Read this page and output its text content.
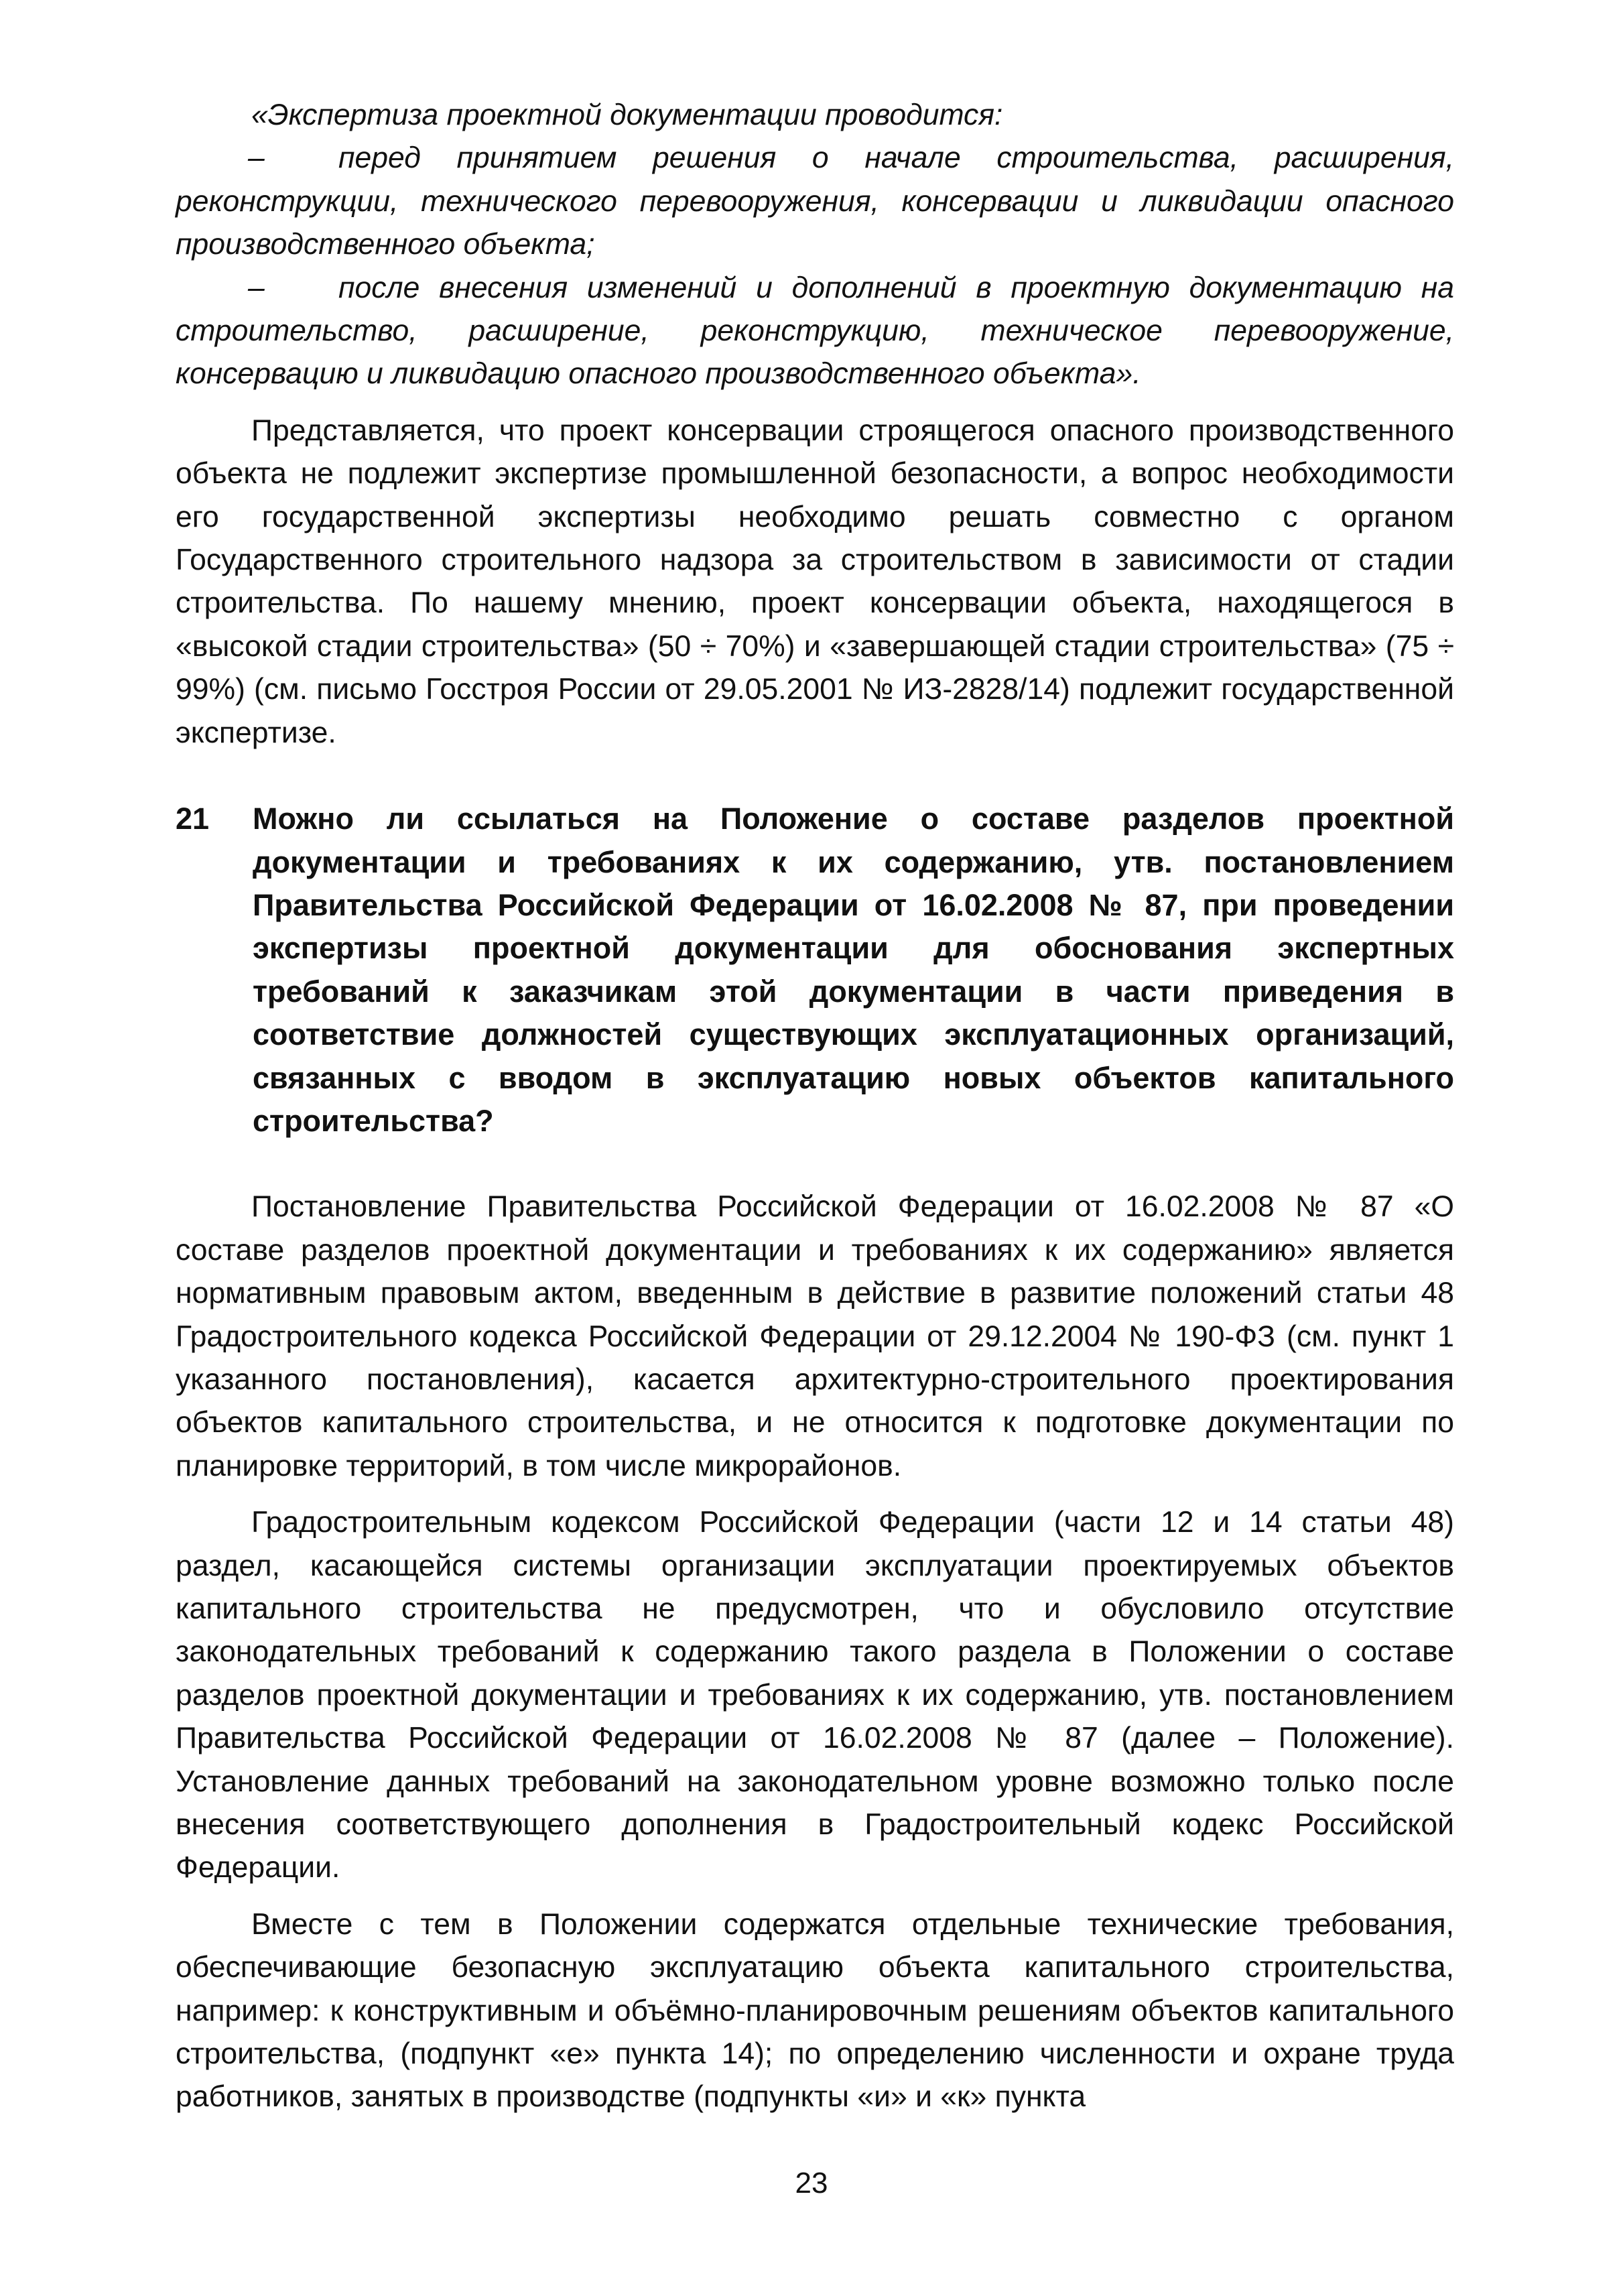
«Экспертиза проектной документации проводится:

– перед принятием решения о начале строительства, расширения, реконструкции, технического перевооружения, консервации и ликвидации опасного производственного объекта;

– после внесения изменений и дополнений в проектную документацию на строительство, расширение, реконструкцию, техническое перевооружение, консервацию и ликвидацию опасного производственного объекта».

Представляется, что проект консервации строящегося опасного производственного объекта не подлежит экспертизе промышленной безопасности, а вопрос необходимости его государственной экспертизы необходимо решать совместно с органом Государственного строительного надзора за строительством в зависимости от стадии строительства. По нашему мнению, проект консервации объекта, находящегося в «высокой стадии строительства» (50 ÷ 70%) и «завершающей стадии строительства» (75 ÷ 99%) (см. письмо Госстроя России от 29.05.2001 № ИЗ-2828/14) подлежит государственной экспертизе.

21 Можно ли ссылаться на Положение о составе разделов проектной документации и требованиях к их содержанию, утв. постановлением Правительства Российской Федерации от 16.02.2008 № 87, при проведении экспертизы проектной документации для обоснования экспертных требований к заказчикам этой документации в части приведения в соответствие должностей существующих эксплуатационных организаций, связанных с вводом в эксплуатацию новых объектов капитального строительства?

Постановление Правительства Российской Федерации от 16.02.2008 № 87 «О составе разделов проектной документации и требованиях к их содержанию» является нормативным правовым актом, введенным в действие в развитие положений статьи 48 Градостроительного кодекса Российской Федерации от 29.12.2004 № 190-ФЗ (см. пункт 1 указанного постановления), касается архитектурно-строительного проектирования объектов капитального строительства, и не относится к подготовке документации по планировке территорий, в том числе микрорайонов.

Градостроительным кодексом Российской Федерации (части 12 и 14 статьи 48) раздел, касающейся системы организации эксплуатации проектируемых объектов капитального строительства не предусмотрен, что и обусловило отсутствие законодательных требований к содержанию такого раздела в Положении о составе разделов проектной документации и требованиях к их содержанию, утв. постановлением Правительства Российской Федерации от 16.02.2008 № 87 (далее – Положение). Установление данных требований на законодательном уровне возможно только после внесения соответствующего дополнения в Градостроительный кодекс Российской Федерации.

Вместе с тем в Положении содержатся отдельные технические требования, обеспечивающие безопасную эксплуатацию объекта капитального строительства, например: к конструктивным и объёмно-планировочным решениям объектов капитального строительства, (подпункт «е» пункта 14); по определению численности и охране труда работников, занятых в производстве (подпункты «и» и «к» пункта

23
